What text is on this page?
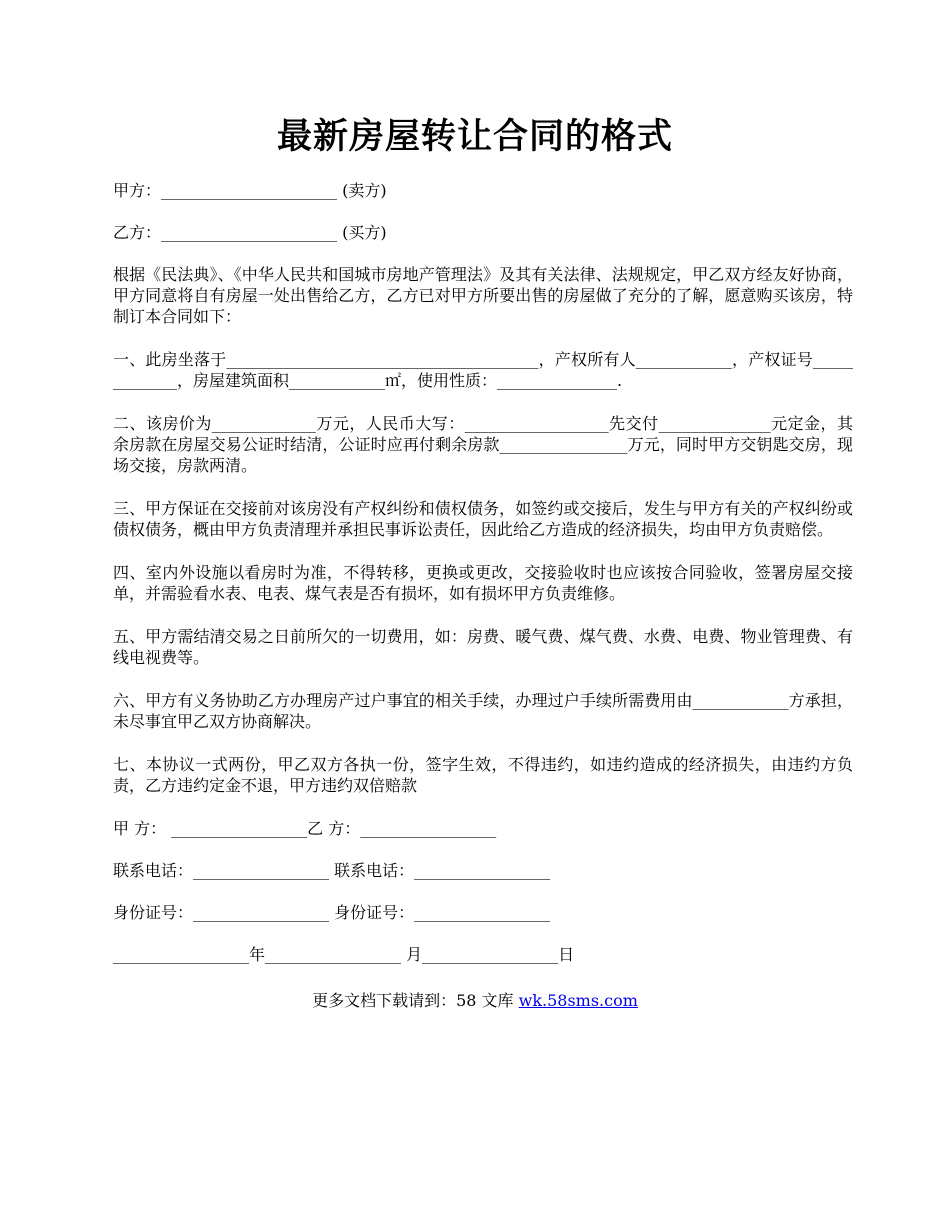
最新房屋转让合同的格式

甲方：______________________ (卖方)

乙方：______________________ (买方)

根据《民法典》、《中华人民共和国城市房地产管理法》及其有关法律、法规规定，甲乙双方经友好协商，甲方同意将自有房屋一处出售给乙方，乙方已对甲方所要出售的房屋做了充分的了解，愿意购买该房，特制订本合同如下：

一、此房坐落于_______________________________________，产权所有人____________，产权证号_____________，房屋建筑面积____________㎡，使用性质：_______________.

二、该房价为_____________万元，人民币大写：__________________先交付______________元定金，其余房款在房屋交易公证时结清，公证时应再付剩余房款________________万元，同时甲方交钥匙交房，现场交接，房款两清。

三、甲方保证在交接前对该房没有产权纠纷和债权债务，如签约或交接后，发生与甲方有关的产权纠纷或债权债务，概由甲方负责清理并承担民事诉讼责任，因此给乙方造成的经济损失，均由甲方负责赔偿。

四、室内外设施以看房时为准，不得转移，更换或更改，交接验收时也应该按合同验收，签署房屋交接单，并需验看水表、电表、煤气表是否有损坏，如有损坏甲方负责维修。

五、甲方需结清交易之日前所欠的一切费用，如：房费、暖气费、煤气费、水费、电费、物业管理费、有线电视费等。

六、甲方有义务协助乙方办理房产过户事宜的相关手续，办理过户手续所需费用由____________方承担，未尽事宜甲乙双方协商解决。

七、本协议一式两份，甲乙双方各执一份，签字生效，不得违约，如违约造成的经济损失，由违约方负责，乙方违约定金不退，甲方违约双倍赔款

甲 方： _________________乙 方：_________________

联系电话：_________________ 联系电话：_________________

身份证号：_________________ 身份证号：_________________

_________________年_________________ 月_________________日

更多文档下载请到：58 文库 wk.58sms.com
